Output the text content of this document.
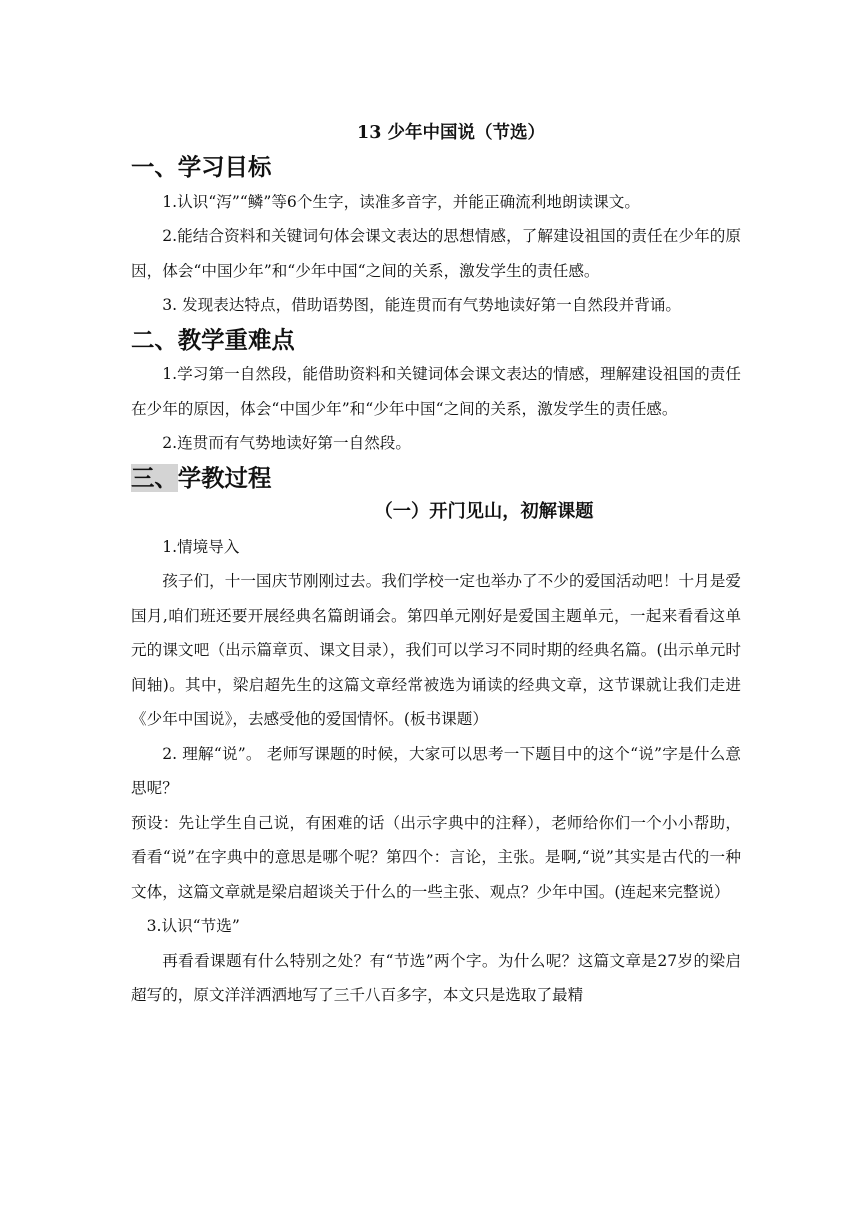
13 少年中国说（节选）
一、学习目标

1.认识“泻”“鳞”等6个生字，读准多音字，并能正确流利地朗读课文。

2.能结合资料和关键词句体会课文表达的思想情感，了解建设祖国的责任在少年的原因，体会“中国少年”和“少年中国“之间的关系，激发学生的责任感。

3. 发现表达特点，借助语势图，能连贯而有气势地读好第一自然段并背诵。

二、教学重难点

1.学习第一自然段，能借助资料和关键词体会课文表达的情感，理解建设祖国的责任在少年的原因，体会“中国少年”和“少年中国“之间的关系，激发学生的责任感。

2.连贯而有气势地读好第一自然段。

三、学教过程
（一）开门见山，初解课题

1.情境导入

孩子们，十一国庆节刚刚过去。我们学校一定也举办了不少的爱国活动吧！十月是爱国月,咱们班还要开展经典名篇朗诵会。第四单元刚好是爱国主题单元，一起来看看这单元的课文吧（出示篇章页、课文目录），我们可以学习不同时期的经典名篇。(出示单元时间轴)。其中，梁启超先生的这篇文章经常被选为诵读的经典文章，这节课就让我们走进《少年中国说》，去感受他的爱国情怀。(板书课题）

2. 理解“说”。 老师写课题的时候，大家可以思考一下题目中的这个“说”字是什么意思呢？

预设：先让学生自己说，有困难的话（出示字典中的注释），老师给你们一个小小帮助，看看“说”在字典中的意思是哪个呢？第四个：言论，主张。是啊,“说”其实是古代的一种文体，这篇文章就是梁启超谈关于什么的一些主张、观点？少年中国。(连起来完整说）

3.认识“节选”

再看看课题有什么特别之处？有“节选”两个字。为什么呢？这篇文章是27岁的梁启超写的，原文洋洋洒洒地写了三千八百多字，本文只是选取了最精
